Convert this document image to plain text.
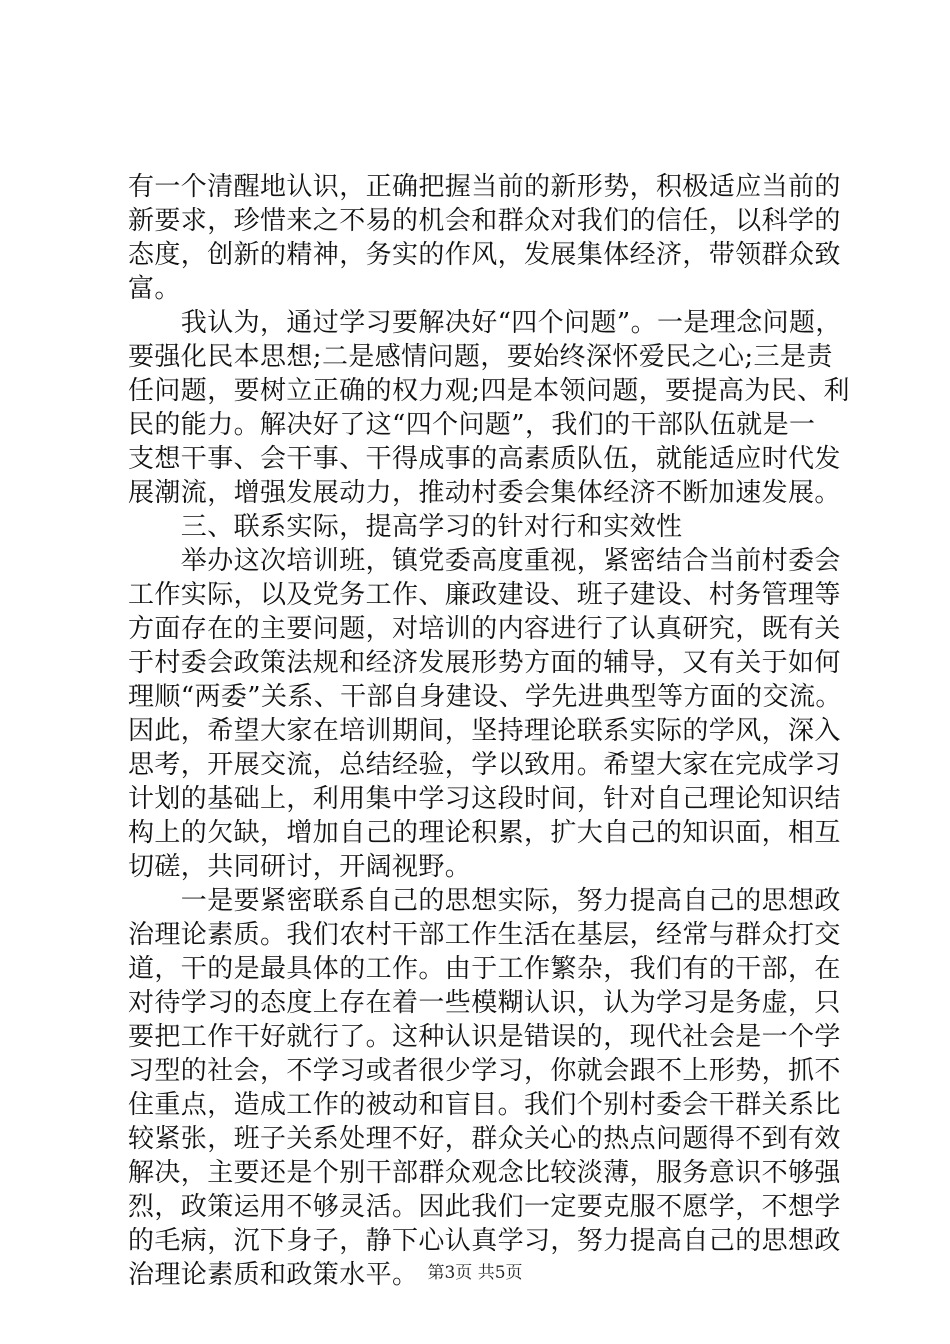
有一个清醒地认识，正确把握当前的新形势，积极适应当前的
新要求，珍惜来之不易的机会和群众对我们的信任，以科学的
态度，创新的精神，务实的作风，发展集体经济，带领群众致
富。
　　我认为，通过学习要解决好“四个问题”。一是理念问题，
要强化民本思想;二是感情问题，要始终深怀爱民之心;三是责
任问题，要树立正确的权力观;四是本领问题，要提高为民、利
民的能力。解决好了这“四个问题”，我们的干部队伍就是一
支想干事、会干事、干得成事的高素质队伍，就能适应时代发
展潮流，增强发展动力，推动村委会集体经济不断加速发展。
　　三、联系实际，提高学习的针对行和实效性
　　举办这次培训班，镇党委高度重视，紧密结合当前村委会
工作实际，以及党务工作、廉政建设、班子建设、村务管理等
方面存在的主要问题，对培训的内容进行了认真研究，既有关
于村委会政策法规和经济发展形势方面的辅导，又有关于如何
理顺“两委”关系、干部自身建设、学先进典型等方面的交流。
因此，希望大家在培训期间，坚持理论联系实际的学风，深入
思考，开展交流，总结经验，学以致用。希望大家在完成学习
计划的基础上，利用集中学习这段时间，针对自己理论知识结
构上的欠缺，增加自己的理论积累，扩大自己的知识面，相互
切磋，共同研讨，开阔视野。
　　一是要紧密联系自己的思想实际，努力提高自己的思想政
治理论素质。我们农村干部工作生活在基层，经常与群众打交
道，干的是最具体的工作。由于工作繁杂，我们有的干部，在
对待学习的态度上存在着一些模糊认识，认为学习是务虚，只
要把工作干好就行了。这种认识是错误的，现代社会是一个学
习型的社会，不学习或者很少学习，你就会跟不上形势，抓不
住重点，造成工作的被动和盲目。我们个别村委会干群关系比
较紧张，班子关系处理不好，群众关心的热点问题得不到有效
解决，主要还是个别干部群众观念比较淡薄，服务意识不够强
烈，政策运用不够灵活。因此我们一定要克服不愿学，不想学
的毛病，沉下身子，静下心认真学习，努力提高自己的思想政
治理论素质和政策水平。 第3页 共5页
